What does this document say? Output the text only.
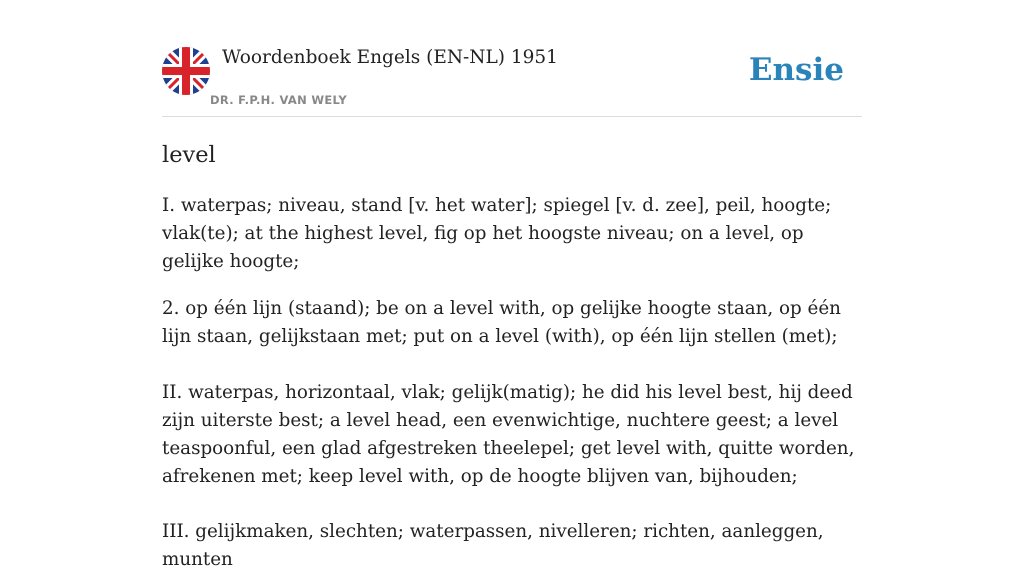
Woordenboek Engels (EN-NL) 1951
DR. F.P.H. VAN WELY
Ensie
level

I. waterpas; niveau, stand [v. het water]; spiegel [v. d. zee], peil, hoogte; vlak(te); at the highest level, fig op het hoogste niveau; on a level, op gelijke hoogte;

2. op één lijn (staand); be on a level with, op gelijke hoogte staan, op één lijn staan, gelijkstaan met; put on a level (with), op één lijn stellen (met);

II. waterpas, horizontaal, vlak; gelijk(matig); he did his level best, hij deed zijn uiterste best; a level head, een evenwichtige, nuchtere geest; a level teaspoonful, een glad afgestreken theelepel; get level with, quitte worden, afrekenen met; keep level with, op de hoogte blijven van, bijhouden;

III. gelijkmaken, slechten; waterpassen, nivelleren; richten, aanleggen, munten
